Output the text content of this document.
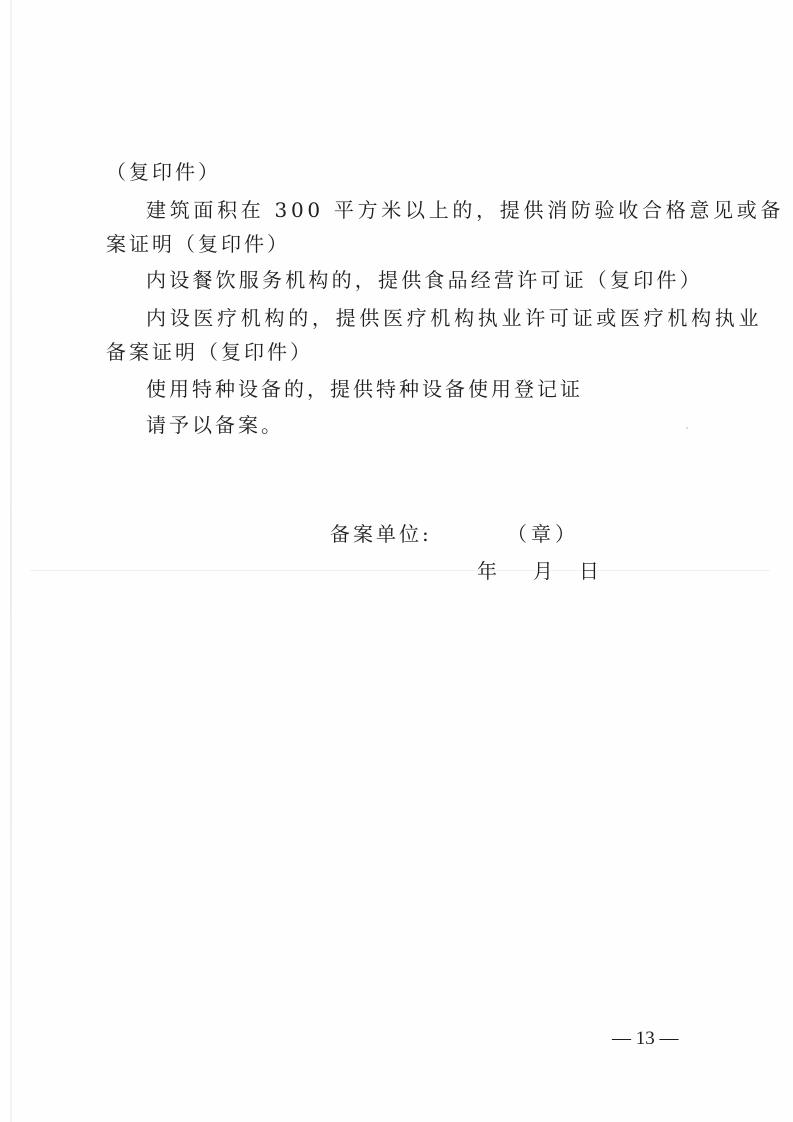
（复印件）
建筑面积在 300 平方米以上的，提供消防验收合格意见或备
案证明（复印件）
内设餐饮服务机构的，提供食品经营许可证（复印件）
内设医疗机构的，提供医疗机构执业许可证或医疗机构执业
备案证明（复印件）
使用特种设备的，提供特种设备使用登记证
请予以备案。
备案单位:	（章）
年 月 日
— 13 —
